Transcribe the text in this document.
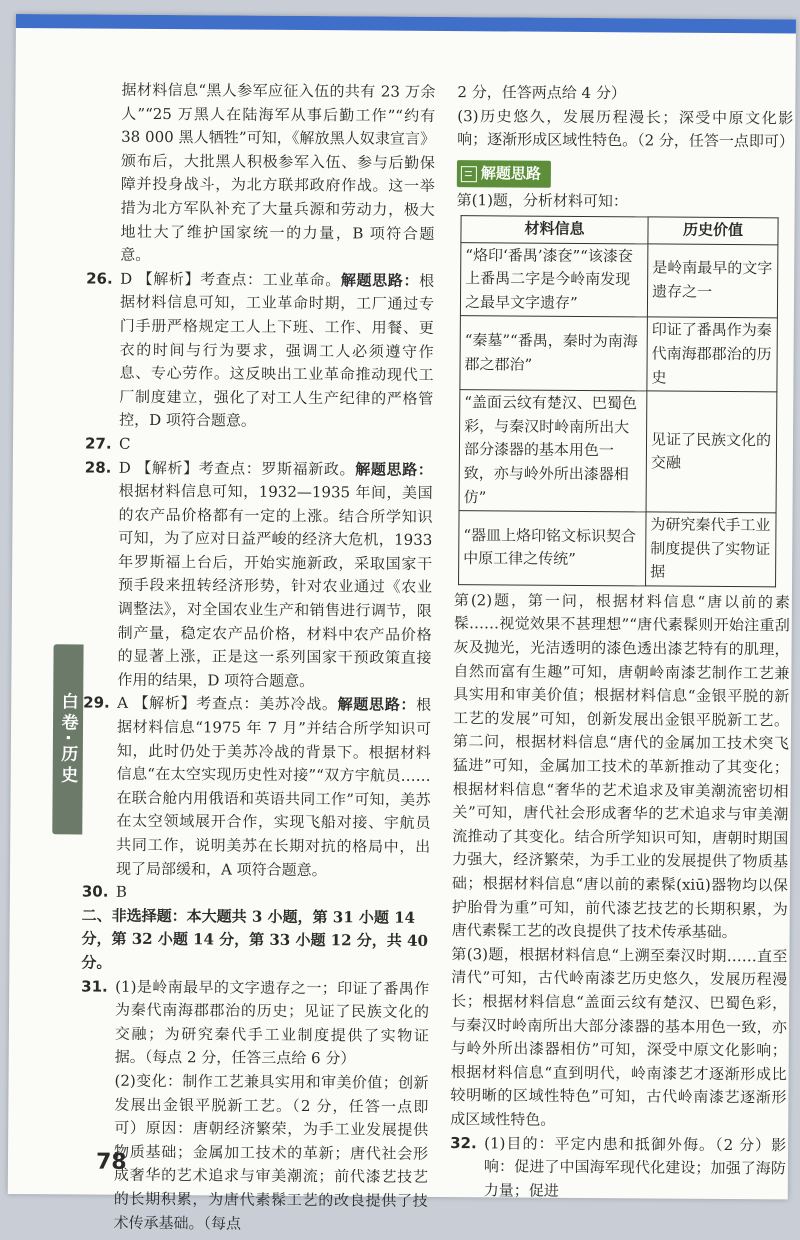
据材料信息“黑人参军应征入伍的共有 23 万余人”“25 万黑人在陆海军从事后勤工作”“约有 38 000 黑人牺牲”可知，《解放黑人奴隶宣言》颁布后，大批黑人积极参军入伍、参与后勤保障并投身战斗，为北方联邦政府作战。这一举措为北方军队补充了大量兵源和劳动力，极大地壮大了维护国家统一的力量，B 项符合题意。

26. D 【解析】考查点：工业革命。解题思路：根据材料信息可知，工业革命时期，工厂通过专门手册严格规定工人上下班、工作、用餐、更衣的时间与行为要求，强调工人必须遵守作息、专心劳作。这反映出工业革命推动现代工厂制度建立，强化了对工人生产纪律的严格管控，D 项符合题意。

27. C

28. D 【解析】考查点：罗斯福新政。解题思路：根据材料信息可知，1932—1935 年间，美国的农产品价格都有一定的上涨。结合所学知识可知，为了应对日益严峻的经济大危机，1933 年罗斯福上台后，开始实施新政，采取国家干预手段来扭转经济形势，针对农业通过《农业调整法》，对全国农业生产和销售进行调节，限制产量，稳定农产品价格，材料中农产品价格的显著上涨，正是这一系列国家干预政策直接作用的结果，D 项符合题意。

29. A 【解析】考查点：美苏冷战。解题思路：根据材料信息“1975 年 7 月”并结合所学知识可知，此时仍处于美苏冷战的背景下。根据材料信息“在太空实现历史性对接”“双方宇航员……在联合舱内用俄语和英语共同工作”可知，美苏在太空领域展开合作，实现飞船对接、宇航员共同工作，说明美苏在长期对抗的格局中，出现了局部缓和，A 项符合题意。

30. B

二、非选择题：本大题共 3 小题，第 31 小题 14 分，第 32 小题 14 分，第 33 小题 12 分，共 40 分。

31. (1)是岭南最早的文字遗存之一；印证了番禺作为秦代南海郡郡治的历史；见证了民族文化的交融；为研究秦代手工业制度提供了实物证据。（每点 2 分，任答三点给 6 分）

(2)变化：制作工艺兼具实用和审美价值；创新发展出金银平脱新工艺。（2 分，任答一点即可）原因：唐朝经济繁荣，为手工业发展提供物质基础；金属加工技术的革新；唐代社会形成奢华的艺术追求与审美潮流；前代漆艺技艺的长期积累，为唐代素髹工艺的改良提供了技术传承基础。（每点

2 分，任答两点给 4 分）

(3)历史悠久，发展历程漫长；深受中原文化影响；逐渐形成区域性特色。（2 分，任答一点即可）

解题思路

第(1)题，分析材料可知：

材料信息	历史价值
“烙印‘番禺’漆奁”“该漆奁上番禺二字是今岭南发现之最早文字遗存”	是岭南最早的文字遗存之一
“秦墓”“番禺，秦时为南海郡之郡治”	印证了番禺作为秦代南海郡郡治的历史
“盖面云纹有楚汉、巴蜀色彩，与秦汉时岭南所出大部分漆器的基本用色一致，亦与岭外所出漆器相仿”	见证了民族文化的交融
“器皿上烙印铭文标识契合中原工律之传统”	为研究秦代手工业制度提供了实物证据

第(2)题，第一问，根据材料信息“唐以前的素髹……视觉效果不甚理想”“唐代素髹则开始注重刮灰及抛光，光洁透明的漆色透出漆艺特有的肌理，自然而富有生趣”可知，唐朝岭南漆艺制作工艺兼具实用和审美价值；根据材料信息“金银平脱的新工艺的发展”可知，创新发展出金银平脱新工艺。第二问，根据材料信息“唐代的金属加工技术突飞猛进”可知，金属加工技术的革新推动了其变化；根据材料信息“奢华的艺术追求及审美潮流密切相关”可知，唐代社会形成奢华的艺术追求与审美潮流推动了其变化。结合所学知识可知，唐朝时期国力强大，经济繁荣，为手工业的发展提供了物质基础；根据材料信息“唐以前的素髹(xiū)器物均以保护胎骨为重”可知，前代漆艺技艺的长期积累，为唐代素髹工艺的改良提供了技术传承基础。

第(3)题，根据材料信息“上溯至秦汉时期……直至清代”可知，古代岭南漆艺历史悠久，发展历程漫长；根据材料信息“盖面云纹有楚汉、巴蜀色彩，与秦汉时岭南所出大部分漆器的基本用色一致，亦与岭外所出漆器相仿”可知，深受中原文化影响；根据材料信息“直到明代，岭南漆艺才逐渐形成比较明晰的区域性特色”可知，古代岭南漆艺逐渐形成区域性特色。

32. (1)目的：平定内患和抵御外侮。（2 分）影响：促进了中国海军现代化建设；加强了海防力量；促进

白卷·历史
78
